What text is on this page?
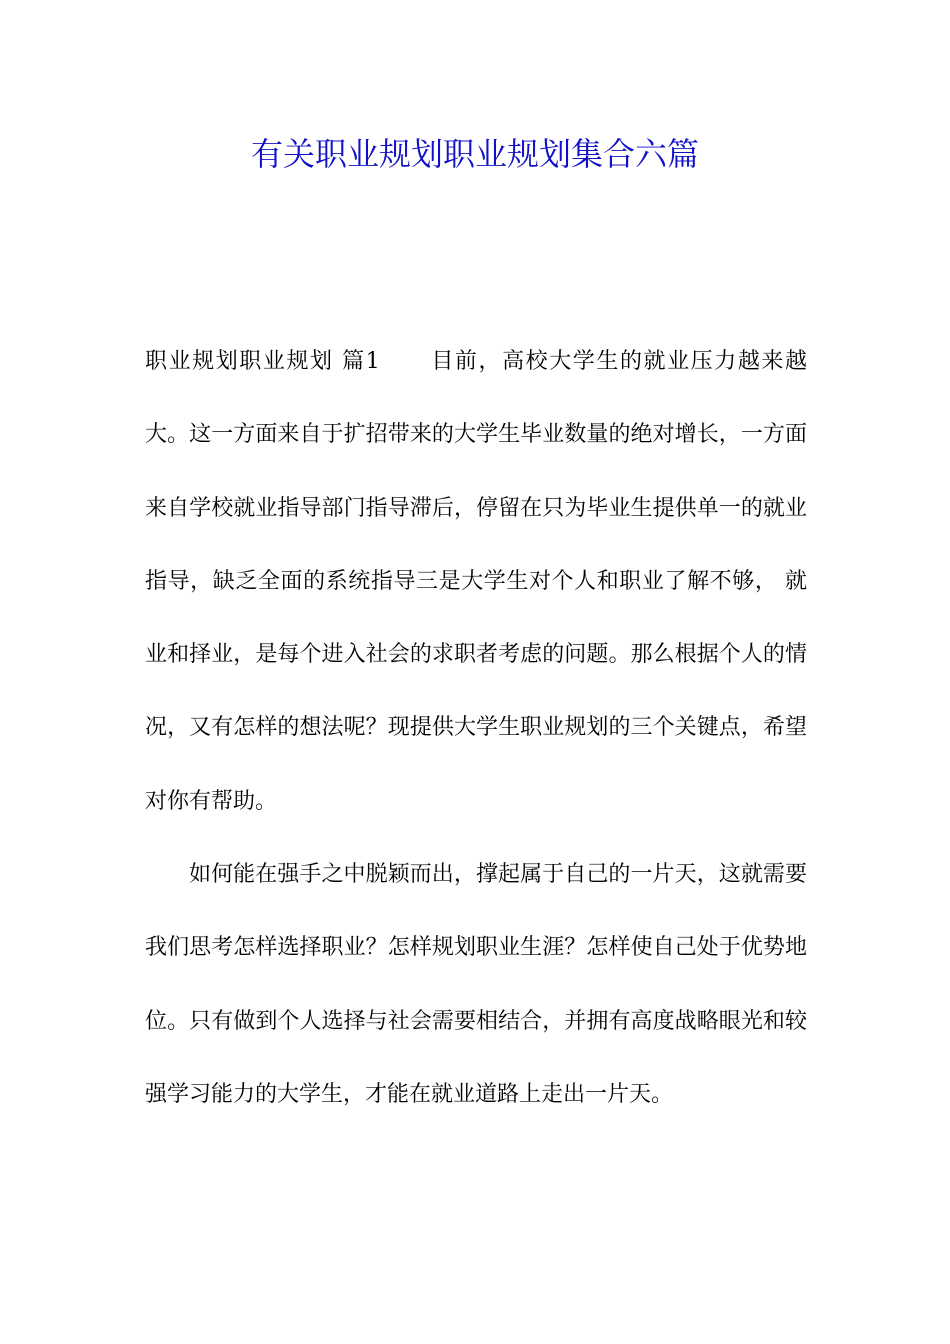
有关职业规划职业规划集合六篇

职业规划职业规划 篇1 目前，高校大学生的就业压力越来越大。这一方面来自于扩招带来的大学生毕业数量的绝对增长，一方面来自学校就业指导部门指导滞后，停留在只为毕业生提供单一的就业指导，缺乏全面的系统指导三是大学生对个人和职业了解不够， 就业和择业，是每个进入社会的求职者考虑的问题。那么根据个人的情况，又有怎样的想法呢？现提供大学生职业规划的三个关键点，希望对你有帮助。

如何能在强手之中脱颖而出，撑起属于自己的一片天，这就需要我们思考怎样选择职业？怎样规划职业生涯？怎样使自己处于优势地位。只有做到个人选择与社会需要相结合，并拥有高度战略眼光和较强学习能力的大学生，才能在就业道路上走出一片天。
